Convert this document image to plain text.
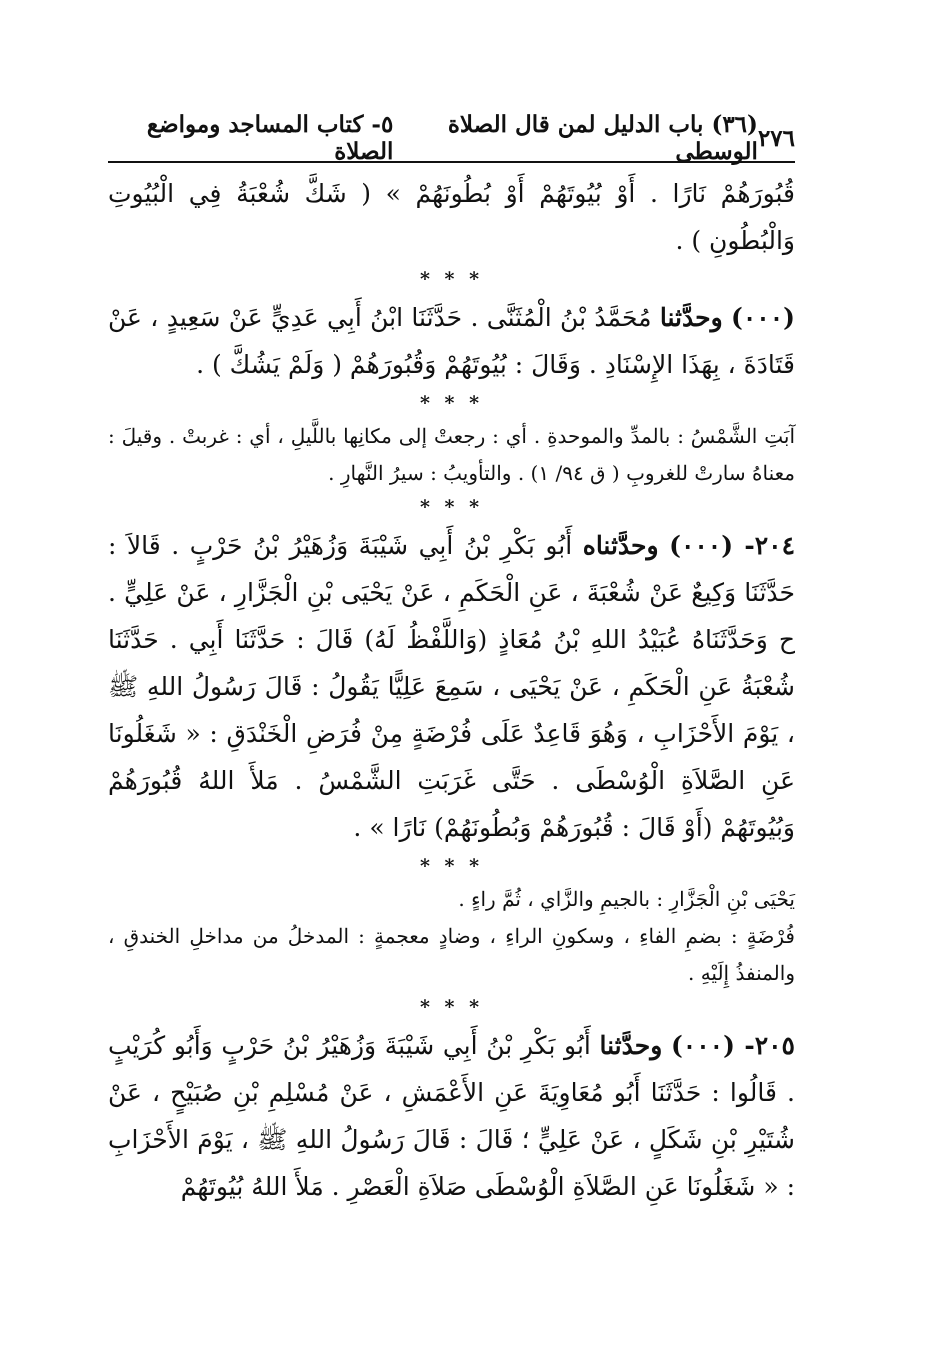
٢٧٦
(٣٦) باب الدليل لمن قال الصلاة الوسطى
٥- كتاب المساجد ومواضع الصلاة

قُبُورَهُمْ نَارًا . أَوْ بُيُوتَهُمْ أَوْ بُطُونَهُمْ » ( شَكَّ شُعْبَةُ فِي الْبُيُوتِ وَالْبُطُونِ ) .

* * *

(٠٠٠) وحدَّثنا مُحَمَّدُ بْنُ الْمُثَنَّى . حَدَّثَنَا ابْنُ أَبِي عَدِيٍّ عَنْ سَعِيدٍ ، عَنْ قَتَادَةَ ، بِهَذَا الإِسْنَادِ . وَقَالَ : بُيُوتَهُمْ وَقُبُورَهُمْ ( وَلَمْ يَشُكَّ ) .

* * *

آبَتِ الشَّمْسُ : بالمدِّ والموحدةِ . أي : رجعتْ إلى مكانِها باللَّيلِ ، أي : غربتْ . وقيلَ : معناهُ سارتْ للغروبِ ( ق ٩٤/ ١) . والتأويبُ : سيرُ النَّهارِ .

* * *

٢٠٤- (٠٠٠) وحدَّثناه أَبُو بَكْرِ بْنُ أَبِي شَيْبَةَ وَزُهَيْرُ بْنُ حَرْبٍ . قَالاَ : حَدَّثَنَا وَكِيعٌ عَنْ شُعْبَةَ ، عَنِ الْحَكَمِ ، عَنْ يَحْيَى بْنِ الْجَزَّارِ ، عَنْ عَلِيٍّ . ح وَحَدَّثَنَاهُ عُبَيْدُ اللهِ بْنُ مُعَاذٍ (وَاللَّفْظُ لَهُ) قَالَ : حَدَّثَنَا أَبِي . حَدَّثَنَا شُعْبَةُ عَنِ الْحَكَمِ ، عَنْ يَحْيَى ، سَمِعَ عَلِيًّا يَقُولُ : قَالَ رَسُولُ اللهِ ﷺ ، يَوْمَ الأَحْزَابِ ، وَهُوَ قَاعِدٌ عَلَى فُرْضَةٍ مِنْ فُرَضِ الْخَنْدَقِ : « شَغَلُونَا عَنِ الصَّلاَةِ الْوُسْطَى . حَتَّى غَرَبَتِ الشَّمْسُ . مَلأَ اللهُ قُبُورَهُمْ وَبُيُوتَهُمْ (أَوْ قَالَ : قُبُورَهُمْ وَبُطُونَهُمْ) نَارًا » .

* * *

يَحْيَى بْنِ الْجَزَّارِ : بالجيمِ والزَّاي ، ثُمَّ راءٍ .

فُرْضَةٍ : بضمِ الفاءِ ، وسكونِ الراءِ ، وضادٍ معجمةٍ : المدخلُ من مداخلِ الخندقِ ، والمنفذُ إِلَيْهِ .

* * *

٢٠٥- (٠٠٠) وحدَّثنا أَبُو بَكْرِ بْنُ أَبِي شَيْبَةَ وَزُهَيْرُ بْنُ حَرْبٍ وَأَبُو كُرَيْبٍ . قَالُوا : حَدَّثَنَا أَبُو مُعَاوِيَةَ عَنِ الأَعْمَشِ ، عَنْ مُسْلِمِ بْنِ صُبَيْحٍ ، عَنْ شُتَيْرِ بْنِ شَكَلٍ ، عَنْ عَلِيٍّ ؛ قَالَ : قَالَ رَسُولُ اللهِ ﷺ ، يَوْمَ الأَحْزَابِ : « شَغَلُونَا عَنِ الصَّلاَةِ الْوُسْطَى صَلاَةِ الْعَصْرِ . مَلأَ اللهُ بُيُوتَهُمْ
